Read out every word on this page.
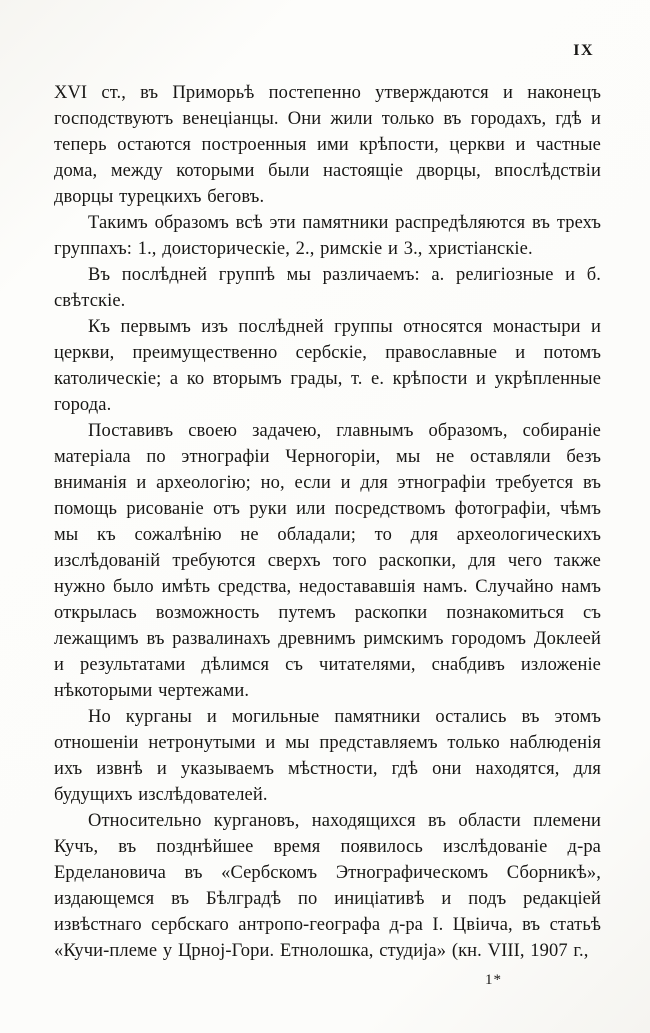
IX

XVI ст., въ Приморьѣ постепенно утверждаются и наконецъ господствуютъ венеціанцы. Они жили только въ городахъ, гдѣ и теперь остаются построенныя ими крѣпости, церкви и частные дома, между которыми были настоящіе дворцы, впослѣдствіи дворцы турецкихъ беговъ.

Такимъ образомъ всѣ эти памятники распредѣляются въ трехъ группахъ: 1., доисторическіе, 2., римскіе и 3., христіанскіе.

Въ послѣдней группѣ мы различаемъ: а. религіозные и б. свѣтскіе.

Къ первымъ изъ послѣдней группы относятся монастыри и церкви, преимущественно сербскіе, православные и потомъ католическіе; а ко вторымъ грады, т. е. крѣпости и укрѣпленные города.

Поставивъ своею задачею, главнымъ образомъ, собираніе матеріала по этнографіи Черногоріи, мы не оставляли безъ вниманія и археологію; но, если и для этнографіи требуется въ помощь рисованіе отъ руки или посредствомъ фотографіи, чѣмъ мы къ сожалѣнію не обладали; то для археологическихъ изслѣдованій требуются сверхъ того раскопки, для чего также нужно было имѣть средства, недостававшія намъ. Случайно намъ открылась возможность путемъ раскопки познакомиться съ лежащимъ въ развалинахъ древнимъ римскимъ городомъ Доклеей и результатами дѣлимся съ читателями, снабдивъ изложеніе нѣкоторыми чертежами.

Но курганы и могильные памятники остались въ этомъ отношеніи нетронутыми и мы представляемъ только наблюденія ихъ извнѣ и указываемъ мѣстности, гдѣ они находятся, для будущихъ изслѣдователей.

Относительно кургановъ, находящихся въ области племени Кучъ, въ позднѣйшее время появилось изслѣдованіе д-ра Ерделановича въ «Сербскомъ Этнографическомъ Сборникѣ», издающемся въ Бѣлградѣ по иниціативѣ и подъ редакціей извѣстнаго сербскаго антропо-географа д-ра І. Цвіича, въ статьѣ «Кучи-племе у Црној-Гори. Етнолошка, студија» (кн. VIII, 1907 г.,

1*
